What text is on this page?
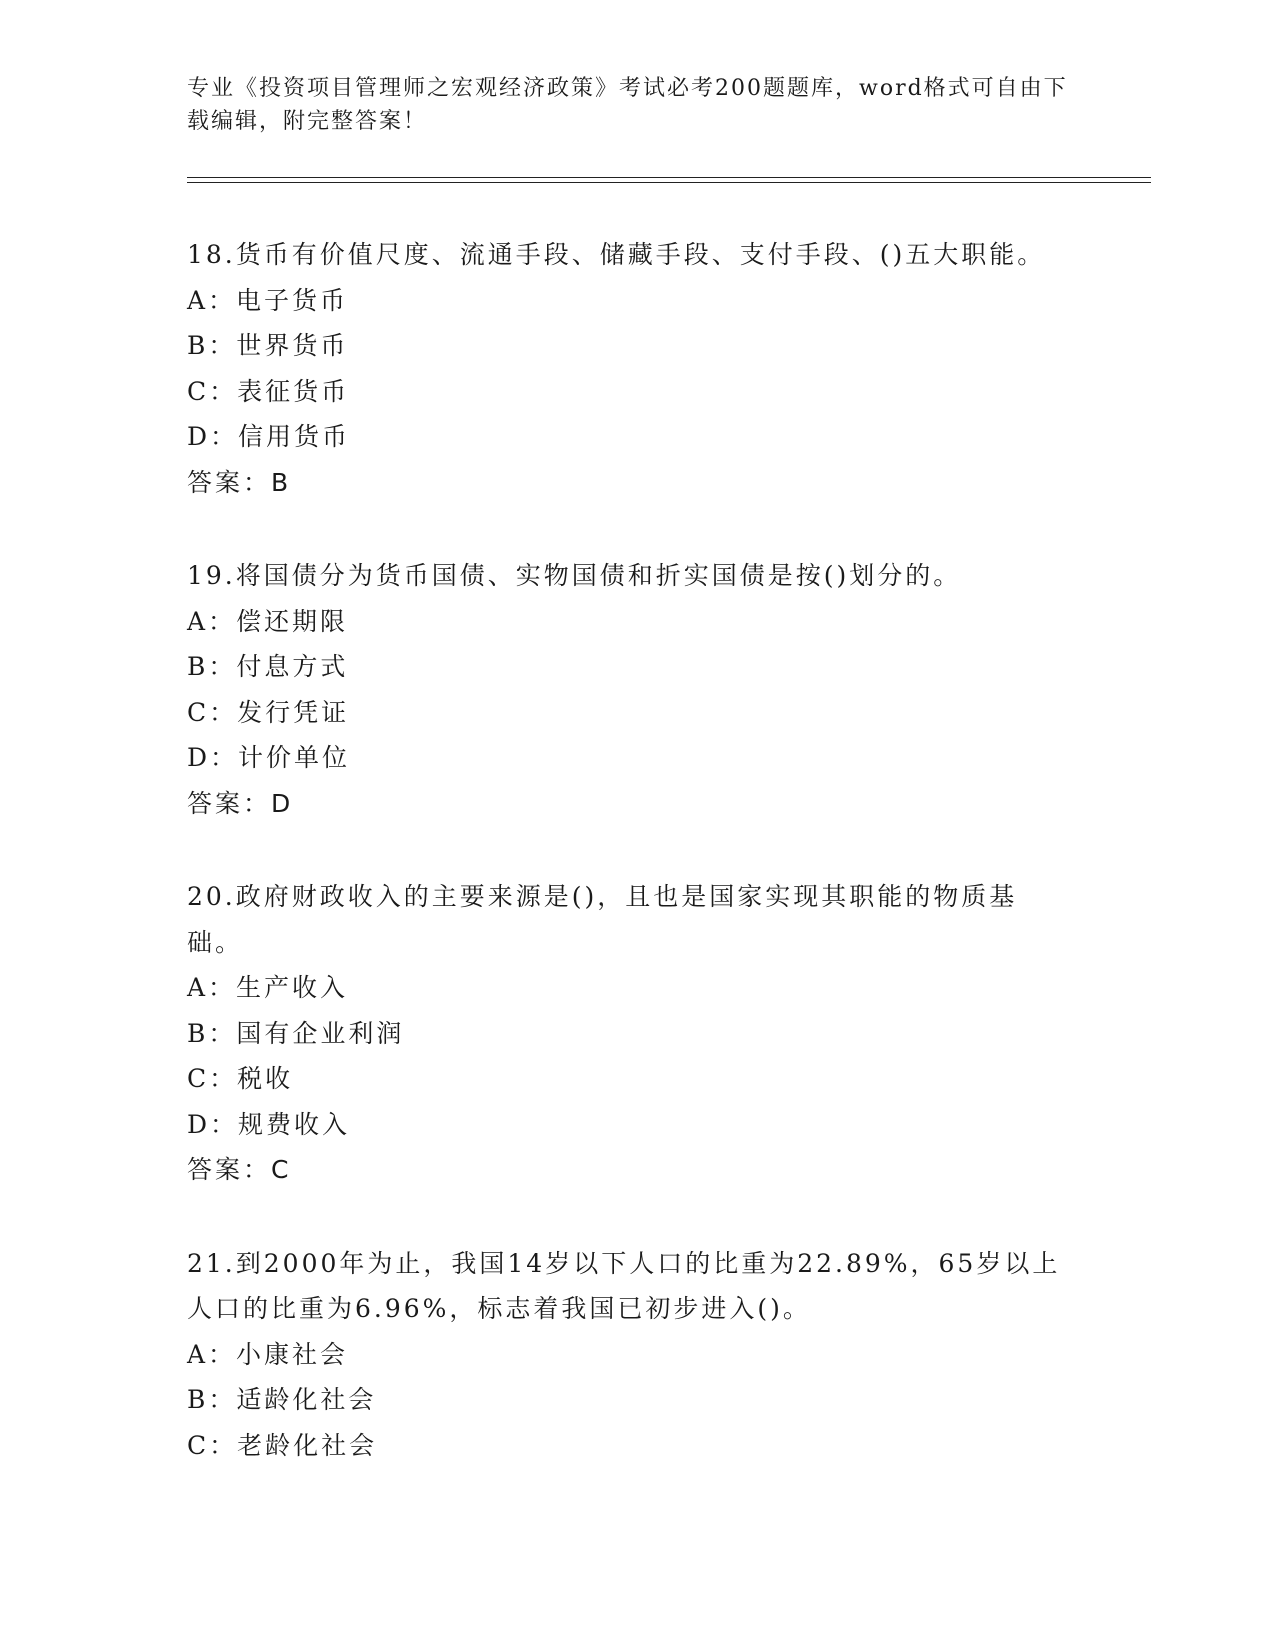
专业《投资项目管理师之宏观经济政策》考试必考200题题库，word格式可自由下载编辑，附完整答案！
18.货币有价值尺度、流通手段、储藏手段、支付手段、()五大职能。
A：电子货币
B：世界货币
C：表征货币
D：信用货币
答案：B
19.将国债分为货币国债、实物国债和折实国债是按()划分的。
A：偿还期限
B：付息方式
C：发行凭证
D：计价单位
答案：D
20.政府财政收入的主要来源是()，且也是国家实现其职能的物质基础。
A：生产收入
B：国有企业利润
C：税收
D：规费收入
答案：C
21.到2000年为止，我国14岁以下人口的比重为22.89%，65岁以上人口的比重为6.96%，标志着我国已初步进入()。
A：小康社会
B：适龄化社会
C：老龄化社会
